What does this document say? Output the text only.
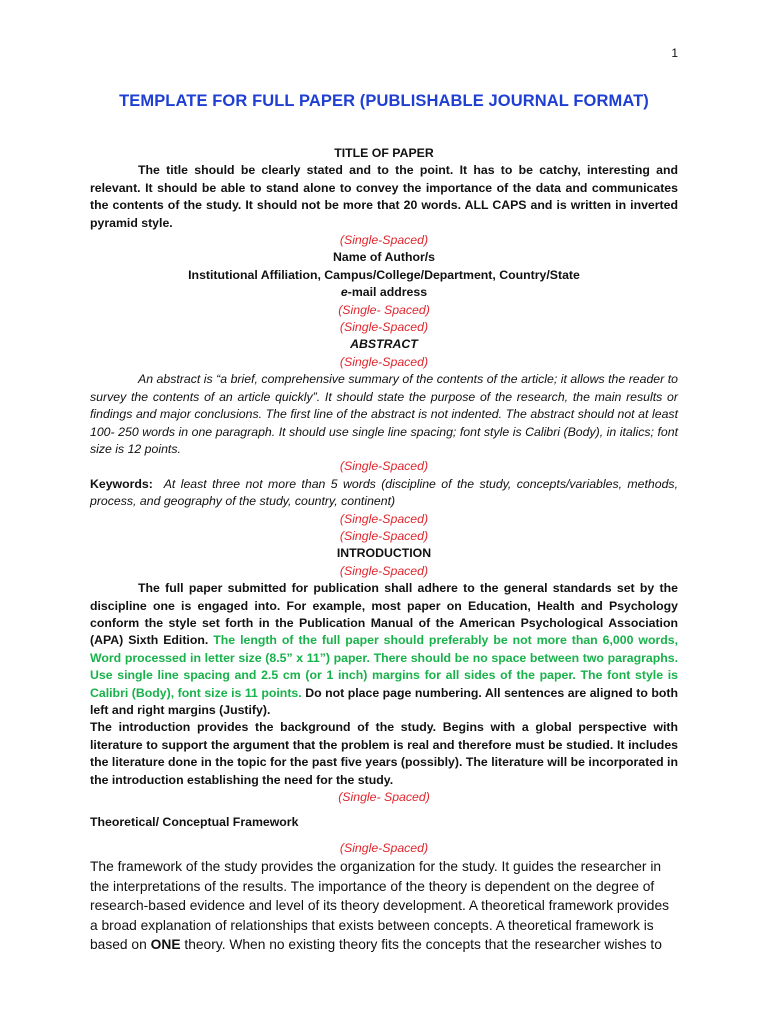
1
TEMPLATE FOR FULL PAPER (PUBLISHABLE JOURNAL FORMAT)

TITLE OF PAPER

The title should be clearly stated and to the point. It has to be catchy, interesting and relevant. It should be able to stand alone to convey the importance of the data and communicates the contents of the study. It should not be more that 20 words. ALL CAPS and is written in inverted pyramid style.

(Single-Spaced)

Name of Author/s

Institutional Affiliation, Campus/College/Department, Country/State

e-mail address

(Single- Spaced)

(Single-Spaced)

ABSTRACT

(Single-Spaced)

An abstract is “a brief, comprehensive summary of the contents of the article; it allows the reader to survey the contents of an article quickly”. It should state the purpose of the research, the main results or findings and major conclusions. The first line of the abstract is not indented. The abstract should not at least 100- 250 words in one paragraph. It should use single line spacing; font style is Calibri (Body), in italics; font size is 12 points.

(Single-Spaced)

Keywords: At least three not more than 5 words (discipline of the study, concepts/variables, methods, process, and geography of the study, country, continent)

(Single-Spaced)

(Single-Spaced)

INTRODUCTION

(Single-Spaced)

The full paper submitted for publication shall adhere to the general standards set by the discipline one is engaged into. For example, most paper on Education, Health and Psychology conform the style set forth in the Publication Manual of the American Psychological Association (APA) Sixth Edition. The length of the full paper should preferably be not more than 6,000 words, Word processed in letter size (8.5” x 11”) paper. There should be no space between two paragraphs. Use single line spacing and 2.5 cm (or 1 inch) margins for all sides of the paper. The font style is Calibri (Body), font size is 11 points. Do not place page numbering. All sentences are aligned to both left and right margins (Justify).

The introduction provides the background of the study. Begins with a global perspective with literature to support the argument that the problem is real and therefore must be studied. It includes the literature done in the topic for the past five years (possibly). The literature will be incorporated in the introduction establishing the need for the study.

(Single- Spaced)

Theoretical/ Conceptual Framework

(Single-Spaced)

The framework of the study provides the organization for the study. It guides the researcher in the interpretations of the results. The importance of the theory is dependent on the degree of research-based evidence and level of its theory development. A theoretical framework provides a broad explanation of relationships that exists between concepts. A theoretical framework is based on ONE theory. When no existing theory fits the concepts that the researcher wishes to
